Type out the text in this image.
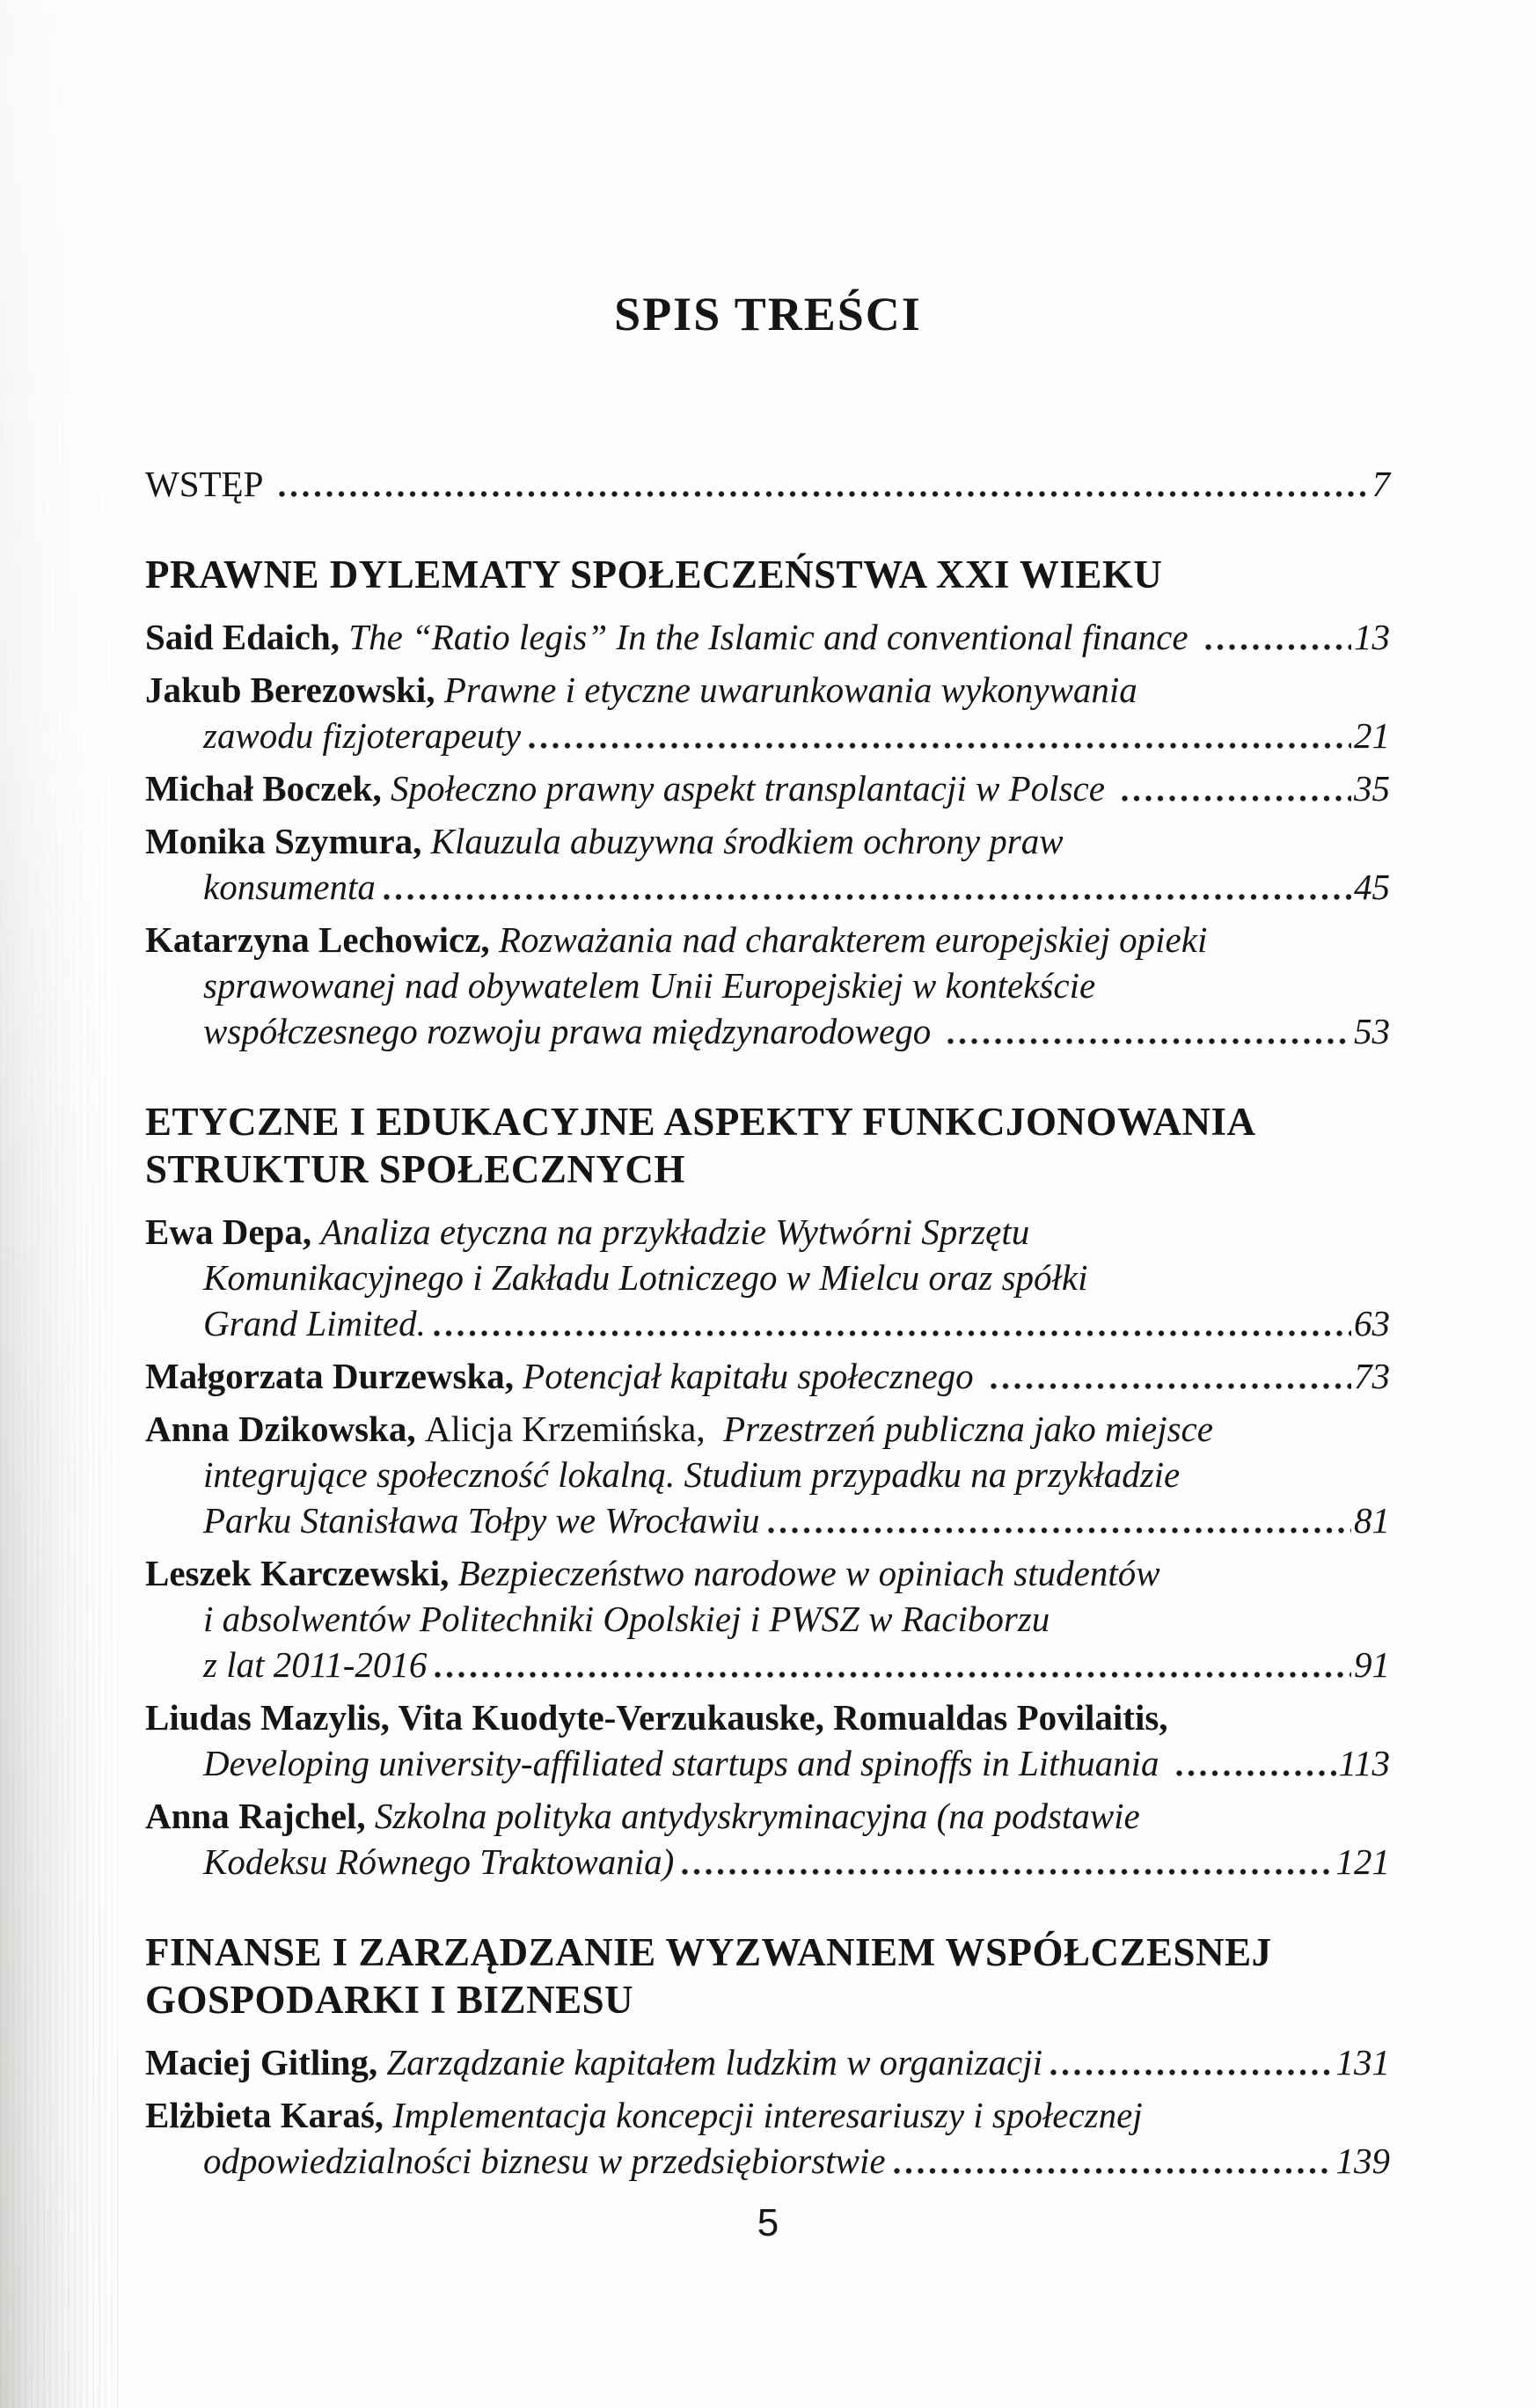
SPIS TREŚCI
WSTĘP	7
PRAWNE DYLEMATY SPOŁECZEŃSTWA XXI WIEKU
Said Edaich, The “Ratio legis” In the Islamic and conventional finance	13
Jakub Berezowski, Prawne i etyczne uwarunkowania wykonywania
zawodu fizjoterapeuty	21
Michał Boczek, Społeczno prawny aspekt transplantacji w Polsce	35
Monika Szymura, Klauzula abuzywna środkiem ochrony praw
konsumenta	45
Katarzyna Lechowicz, Rozważania nad charakterem europejskiej opieki
sprawowanej nad obywatelem Unii Europejskiej w kontekście
współczesnego rozwoju prawa międzynarodowego	53
ETYCZNE I EDUKACYJNE ASPEKTY FUNKCJONOWANIA
STRUKTUR SPOŁECZNYCH
Ewa Depa, Analiza etyczna na przykładzie Wytwórni Sprzętu
Komunikacyjnego i Zakładu Lotniczego w Mielcu oraz spółki
Grand Limited.	63
Małgorzata Durzewska, Potencjał kapitału społecznego	73
Anna Dzikowska, Alicja Krzemińska, Przestrzeń publiczna jako miejsce
integrujące społeczność lokalną. Studium przypadku na przykładzie
Parku Stanisława Tołpy we Wrocławiu	81
Leszek Karczewski, Bezpieczeństwo narodowe w opiniach studentów
i absolwentów Politechniki Opolskiej i PWSZ w Raciborzu
z lat 2011-2016	91
Liudas Mazylis, Vita Kuodyte-Verzukauske, Romualdas Povilaitis,
Developing university-affiliated startups and spinoffs in Lithuania	113
Anna Rajchel, Szkolna polityka antydyskryminacyjna (na podstawie
Kodeksu Równego Traktowania)	121
FINANSE I ZARZĄDZANIE WYZWANIEM WSPÓŁCZESNEJ
GOSPODARKI I BIZNESU
Maciej Gitling, Zarządzanie kapitałem ludzkim w organizacji	131
Elżbieta Karaś, Implementacja koncepcji interesariuszy i społecznej
odpowiedzialności biznesu w przedsiębiorstwie	139
5
